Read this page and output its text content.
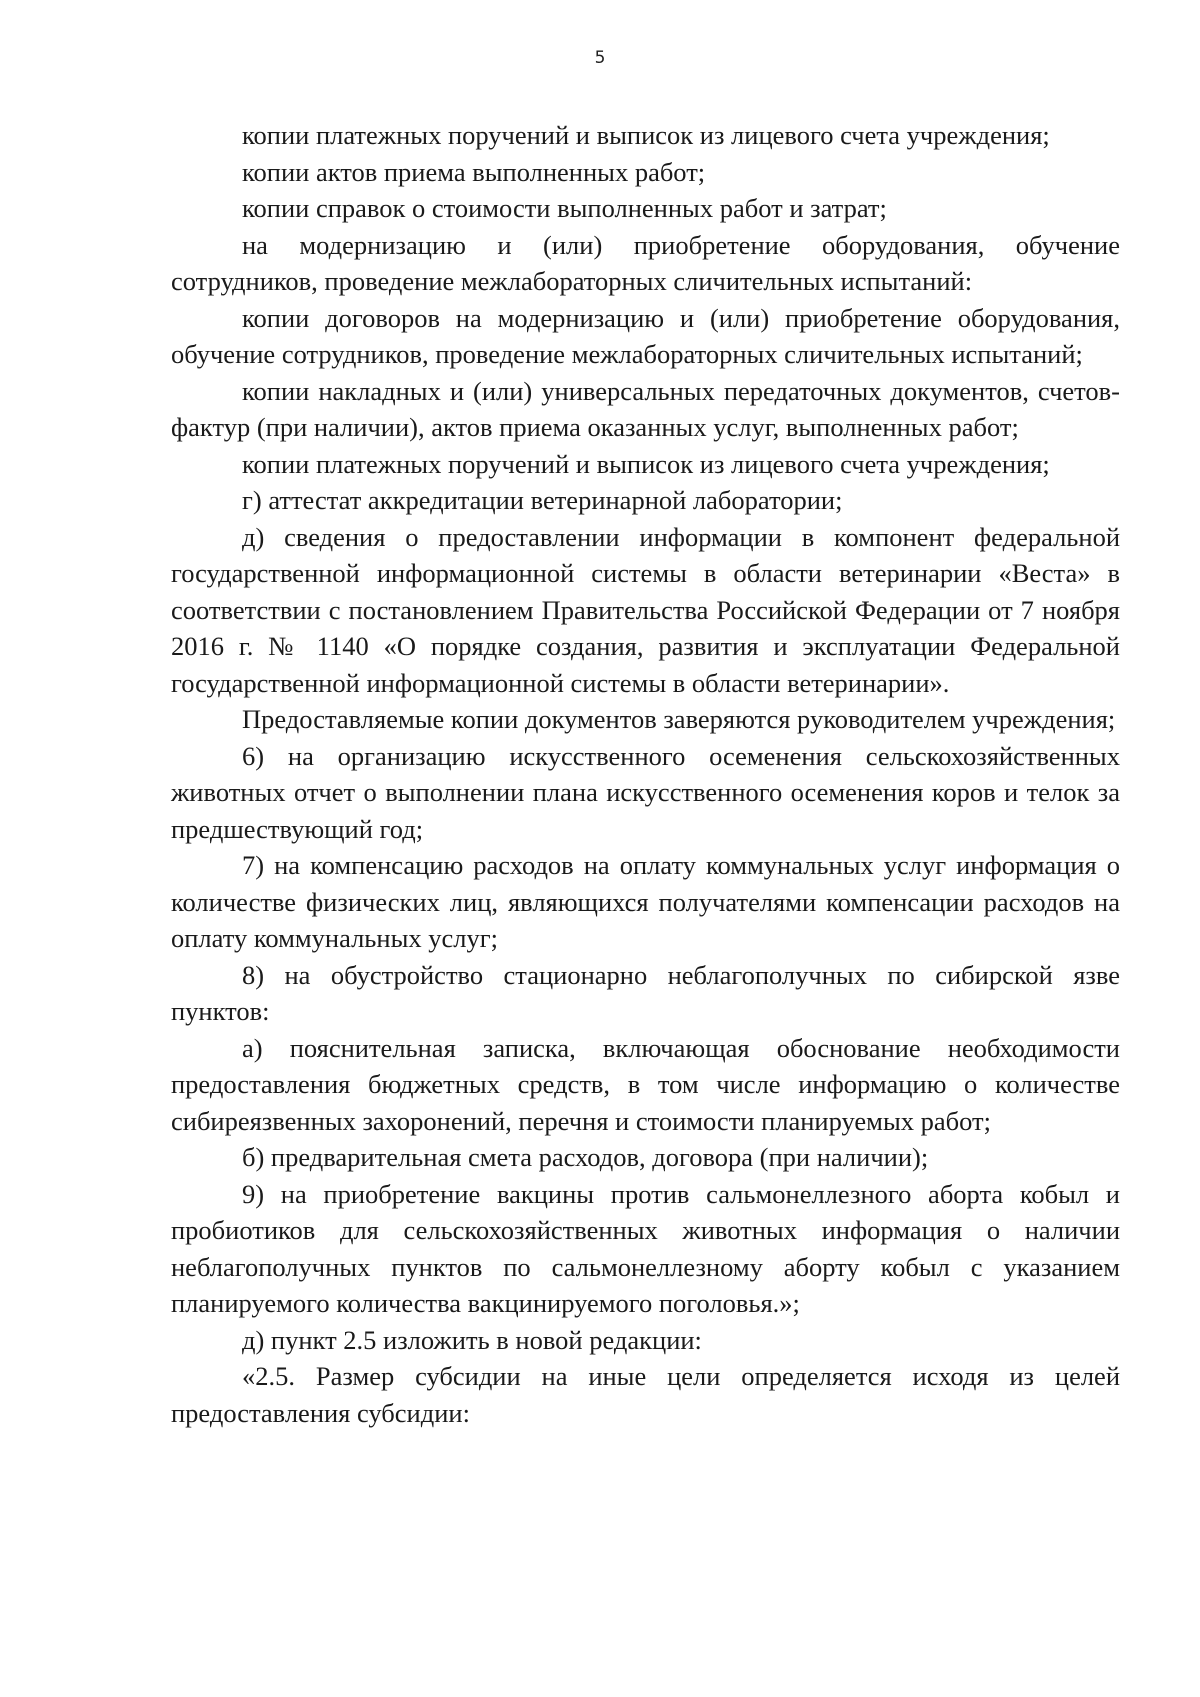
5

копии платежных поручений и выписок из лицевого счета учреждения;

копии актов приема выполненных работ;

копии справок о стоимости выполненных работ и затрат;

на модернизацию и (или) приобретение оборудования, обучение сотрудников, проведение межлабораторных сличительных испытаний:

копии договоров на модернизацию и (или) приобретение оборудования, обучение сотрудников, проведение межлабораторных сличительных испытаний;

копии накладных и (или) универсальных передаточных документов, счетов-фактур (при наличии), актов приема оказанных услуг, выполненных работ;

копии платежных поручений и выписок из лицевого счета учреждения;

г) аттестат аккредитации ветеринарной лаборатории;

д) сведения о предоставлении информации в компонент федеральной государственной информационной системы в области ветеринарии «Веста» в соответствии с постановлением Правительства Российской Федерации от 7 ноября 2016 г. № 1140 «О порядке создания, развития и эксплуатации Федеральной государственной информационной системы в области ветеринарии».

Предоставляемые копии документов заверяются руководителем учреждения;

6) на организацию искусственного осеменения сельскохозяйственных животных отчет о выполнении плана искусственного осеменения коров и телок за предшествующий год;

7) на компенсацию расходов на оплату коммунальных услуг информация о количестве физических лиц, являющихся получателями компенсации расходов на оплату коммунальных услуг;

8) на обустройство стационарно неблагополучных по сибирской язве пунктов:

а) пояснительная записка, включающая обоснование необходимости предоставления бюджетных средств, в том числе информацию о количестве сибиреязвенных захоронений, перечня и стоимости планируемых работ;

б) предварительная смета расходов, договора (при наличии);

9) на приобретение вакцины против сальмонеллезного аборта кобыл и пробиотиков для сельскохозяйственных животных информация о наличии неблагополучных пунктов по сальмонеллезному аборту кобыл с указанием планируемого количества вакцинируемого поголовья.»;

д) пункт 2.5 изложить в новой редакции:

«2.5. Размер субсидии на иные цели определяется исходя из целей предоставления субсидии:
